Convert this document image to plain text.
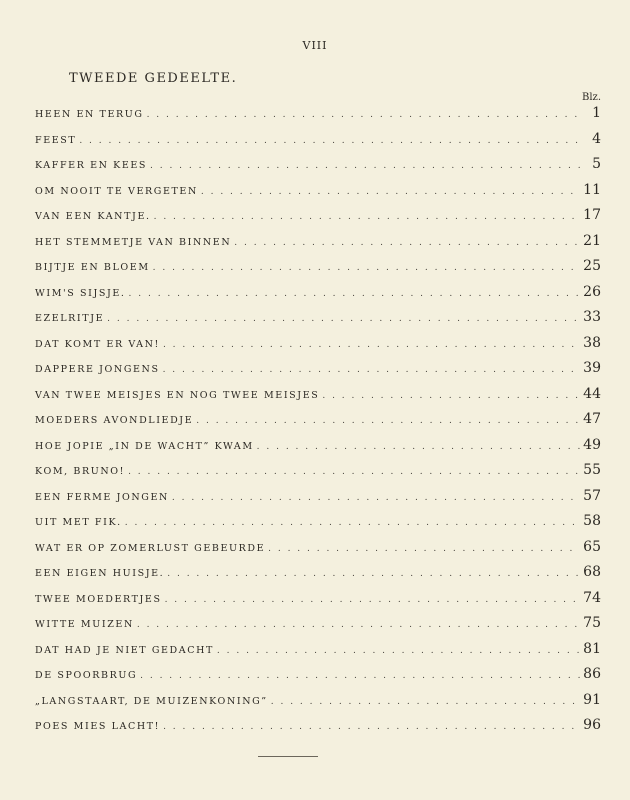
VIII
TWEEDE GEDEELTE.
Blz.
HEEN EN TERUG . . .	1
FEEST . . .	4
KAFFER EN KEES . . .	5
OM NOOIT TE VERGETEN . . .	11
VAN EEN KANTJE. . . .	17
HET STEMMETJE VAN BINNEN . . .	21
BIJTJE EN BLOEM . . .	25
WIM'S SIJSJE. . . .	26
EZELRITJE . . .	33
DAT KOMT ER VAN! . . .	38
DAPPERE JONGENS . . .	39
VAN TWEE MEISJES EN NOG TWEE MEISJES . . .	44
MOEDERS AVONDLIEDJE . . .	47
HOE JOPIE „IN DE WACHT” KWAM . . .	49
KOM, BRUNO! . . .	55
EEN FERME JONGEN . . .	57
UIT MET FIK. . . .	58
WAT ER OP ZOMERLUST GEBEURDE . . .	65
EEN EIGEN HUISJE. . . .	68
TWEE MOEDERTJES . . .	74
WITTE MUIZEN . . .	75
DAT HAD JE NIET GEDACHT . . .	81
DE SPOORBRUG . . .	86
„LANGSTAART, DE MUIZENKONING” . . .	91
POES MIES LACHT! . . .	96
